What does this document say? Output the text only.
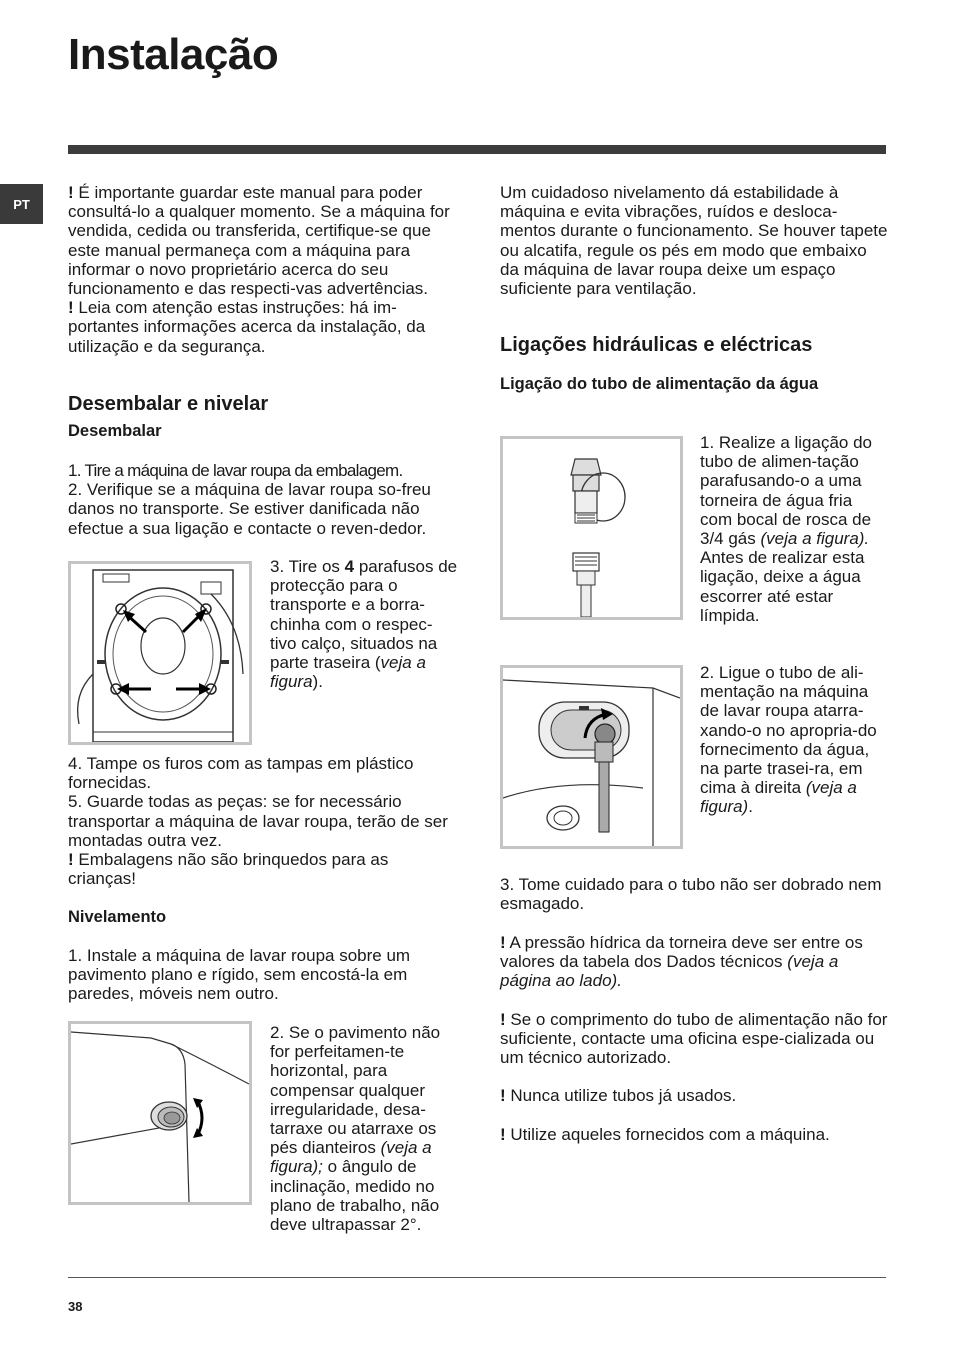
Instalação
PT

! É importante guardar este manual para poder consultá-lo a qualquer momento. Se a máquina for vendida, cedida ou transferida, certifique-se que este manual permaneça com a máquina para informar o novo proprietário acerca do seu funcionamento e das respecti-vas advertências.

! Leia com atenção estas instruções: há im-portantes informações acerca da instalação, da utilização e da segurança.

Desembalar e nivelar
Desembalar

1. Tire a máquina de lavar roupa da embalagem.

2. Verifique se a máquina de lavar roupa so-freu danos no transporte. Se estiver danificada não efectue a sua ligação e contacte o reven-dedor.

3. Tire os 4 parafusos de protecção para o transporte e a borra-chinha com o respec-tivo calço, situados na parte traseira (veja a figura).

4. Tampe os furos com as tampas em plástico fornecidas.

5. Guarde todas as peças: se for necessário transportar a máquina de lavar roupa, terão de ser montadas outra vez.

! Embalagens não são brinquedos para as crianças!

Nivelamento

1. Instale a máquina de lavar roupa sobre um pavimento plano e rígido, sem encostá-la em paredes, móveis nem outro.

2. Se o pavimento não for perfeitamen-te horizontal, para compensar qualquer irregularidade, desa-tarraxe ou atarraxe os pés dianteiros (veja a figura); o ângulo de inclinação, medido no plano de trabalho, não deve ultrapassar 2°.

Um cuidadoso nivelamento dá estabilidade à máquina e evita vibrações, ruídos e desloca-mentos durante o funcionamento. Se houver tapete ou alcatifa, regule os pés em modo que embaixo da máquina de lavar roupa deixe um espaço suficiente para ventilação.

Ligações hidráulicas e eléctricas
Ligação do tubo de alimentação da água

1. Realize a ligação do tubo de alimen-tação parafusando-o a uma torneira de água fria com bocal de rosca de 3/4 gás (veja a figura).

Antes de realizar esta ligação, deixe a água escorrer até estar límpida.

2. Ligue o tubo de ali-mentação na máquina de lavar roupa atarra-xando-o no apropria-do fornecimento da água, na parte trasei-ra, em cima à direita (veja a figura).

3. Tome cuidado para o tubo não ser dobrado nem esmagado.

! A pressão hídrica da torneira deve ser entre os valores da tabela dos Dados técnicos (veja a página ao lado).

! Se o comprimento do tubo de alimentação não for suficiente, contacte uma oficina espe-cializada ou um técnico autorizado.

! Nunca utilize tubos já usados.

! Utilize aqueles fornecidos com a máquina.

38
